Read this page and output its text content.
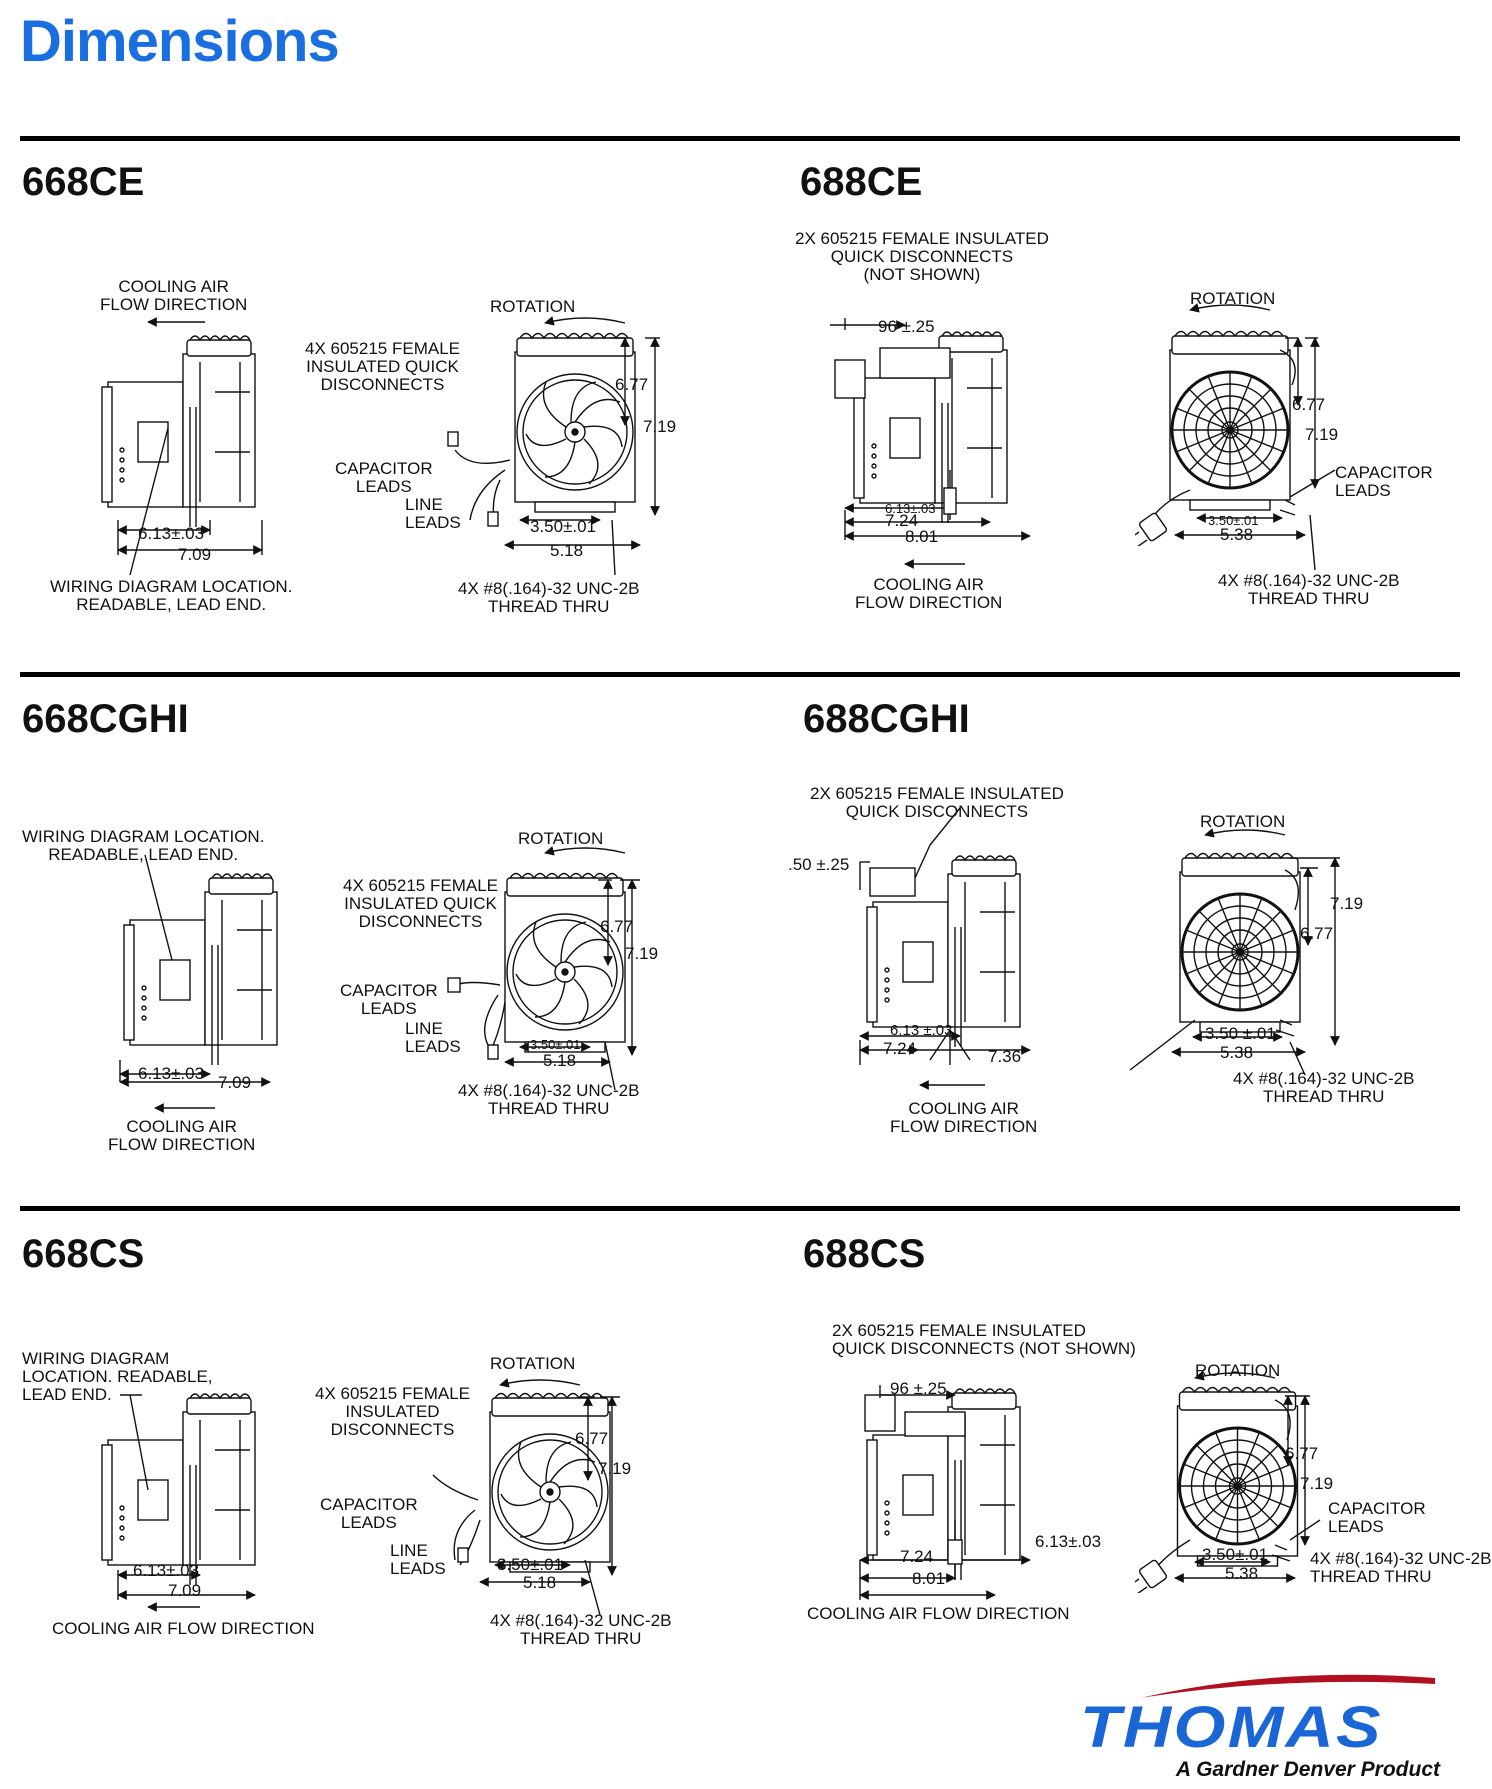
Dimensions
668CE	688CE
668CGHI	688CGHI
668CS	688CS
COOLING AIR
FLOW DIRECTION	ROTATION
4X 605215 FEMALE
INSULATED QUICK
DISCONNECTS
CAPACITOR
LEADS
LINE
LEADS
6.77
7.19
6.13±.03
7.09
3.50±.01
5.18
WIRING DIAGRAM LOCATION.
READABLE, LEAD END.
4X #8(.164)-32 UNC-2B
THREAD THRU
2X 605215 FEMALE INSULATED
QUICK DISCONNECTS
(NOT SHOWN)
96 ±.25
ROTATION
6.77
7.19
CAPACITOR
LEADS
6.13±.03
7.24
8.01
3.50±.01
5.38
COOLING AIR
FLOW DIRECTION
4X #8(.164)-32 UNC-2B
THREAD THRU
WIRING DIAGRAM LOCATION.
READABLE, LEAD END.
ROTATION
4X 605215 FEMALE
INSULATED QUICK
DISCONNECTS
CAPACITOR
LEADS
LINE
LEADS
6.77
7.19
6.13±.03 7.09
3.50±.01
5.18
4X #8(.164)-32 UNC-2B
THREAD THRU
COOLING AIR
FLOW DIRECTION
2X 605215 FEMALE INSULATED
QUICK DISCONNECTS
.50 ±.25
ROTATION
7.19
6.77
6.13 ±.03
7.24	7.36
3.50 ±.01
5.38
COOLING AIR
FLOW DIRECTION
4X #8(.164)-32 UNC-2B
THREAD THRU
WIRING DIAGRAM
LOCATION. READABLE,
LEAD END.
ROTATION
4X 605215 FEMALE
INSULATED
DISCONNECTS
CAPACITOR
LEADS
LINE
LEADS
6.77
7.19
6.13±.03
7.09
3.50±.01
5.18
COOLING AIR FLOW DIRECTION	4X #8(.164)-32 UNC-2B
THREAD THRU
2X 605215 FEMALE INSULATED
QUICK DISCONNECTS (NOT SHOWN)
96 ±.25
ROTATION
6.77
7.19
CAPACITOR
LEADS
6.13±.03
7.24
8.01
3.50±.01
5.38
COOLING AIR FLOW DIRECTION
4X #8(.164)-32 UNC-2B
THREAD THRU
THOMAS
A Gardner Denver Product
